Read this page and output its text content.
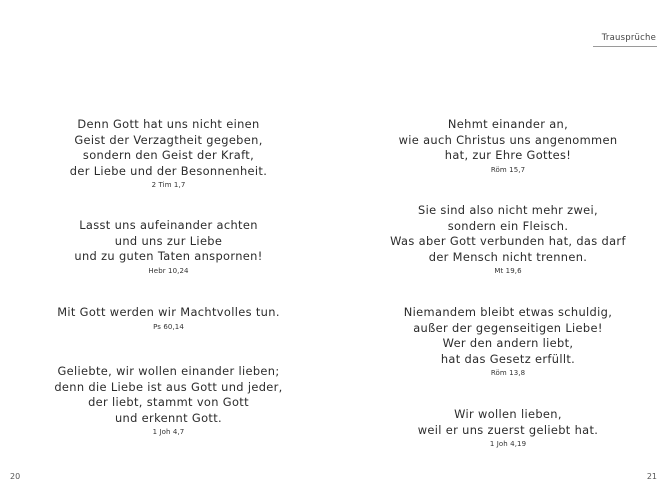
Denn Gott hat uns nicht einen
Geist der Verzagtheit gegeben,
sondern den Geist der Kraft,
der Liebe und der Besonnenheit.

2 Tim 1,7

Lasst uns aufeinander achten
und uns zur Liebe
und zu guten Taten anspornen!

Hebr 10,24

Mit Gott werden wir Machtvolles tun.

Ps 60,14

Geliebte, wir wollen einander lieben;
denn die Liebe ist aus Gott und jeder,
der liebt, stammt von Gott
und erkennt Gott.

1 Joh 4,7

20
Trausprüche

Nehmt einander an,
wie auch Christus uns angenommen
hat, zur Ehre Gottes!

Röm 15,7

Sie sind also nicht mehr zwei,
sondern ein Fleisch.
Was aber Gott verbunden hat, das darf
der Mensch nicht trennen.

Mt 19,6

Niemandem bleibt etwas schuldig,
außer der gegenseitigen Liebe!
Wer den andern liebt,
hat das Gesetz erfüllt.

Röm 13,8

Wir wollen lieben,
weil er uns zuerst geliebt hat.

1 Joh 4,19

21
